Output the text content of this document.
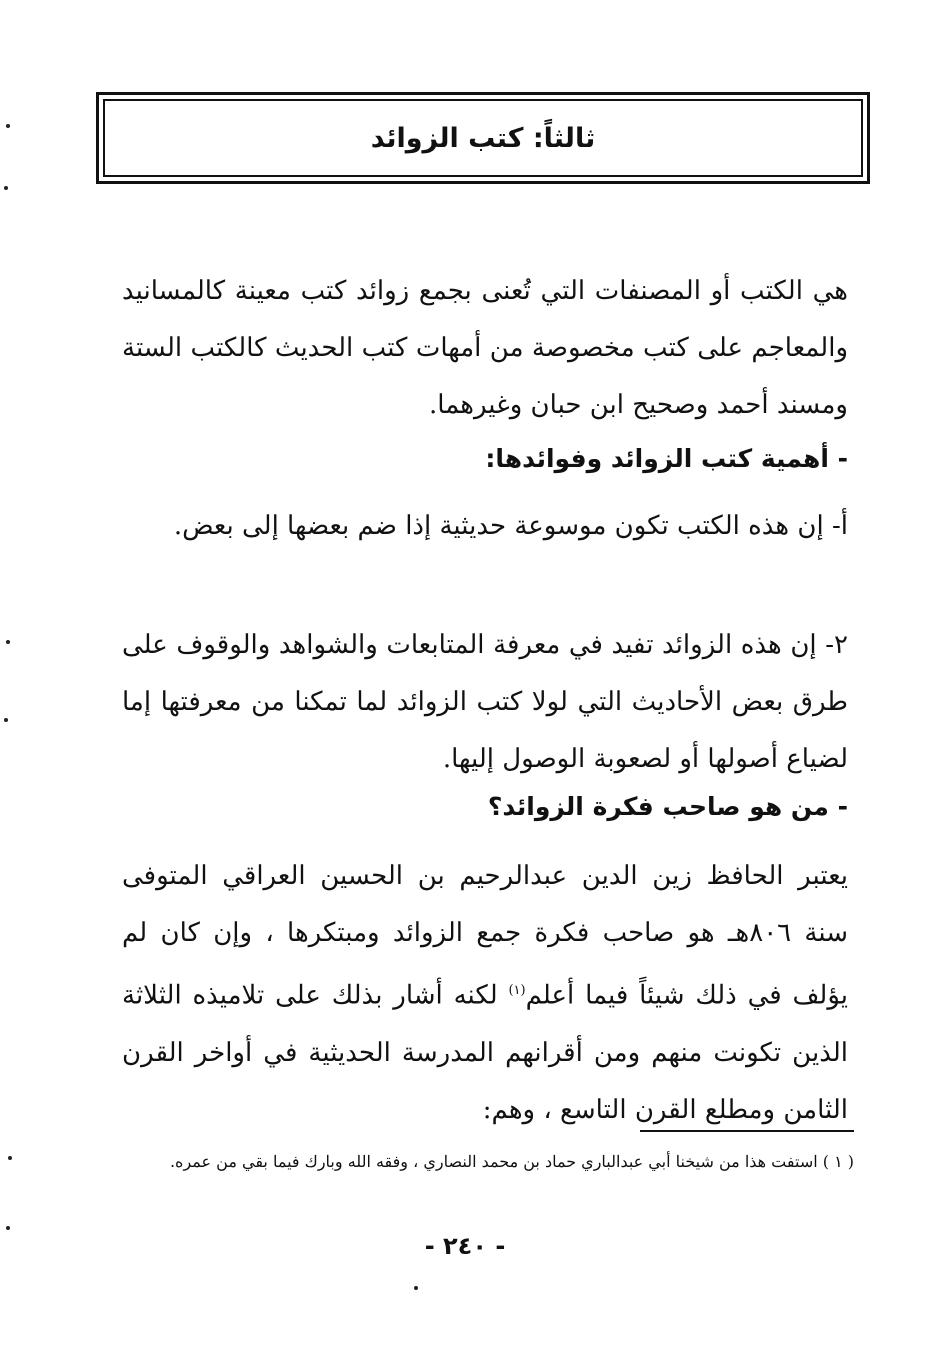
ثالثاً: كتب الزوائد

هي الكتب أو المصنفات التي تُعنى بجمع زوائد كتب معينة كالمسانيد والمعاجم على كتب مخصوصة من أمهات كتب الحديث كالكتب الستة ومسند أحمد وصحيح ابن حبان وغيرهما.

- أهمية كتب الزوائد وفوائدها:

أ- إن هذه الكتب تكون موسوعة حديثية إذا ضم بعضها إلى بعض.

٢- إن هذه الزوائد تفيد في معرفة المتابعات والشواهد والوقوف على طرق بعض الأحاديث التي لولا كتب الزوائد لما تمكنا من معرفتها إما لضياع أصولها أو لصعوبة الوصول إليها.

- من هو صاحب فكرة الزوائد؟

يعتبر الحافظ زين الدين عبدالرحيم بن الحسين العراقي المتوفى سنة ٨٠٦هـ هو صاحب فكرة جمع الزوائد ومبتكرها ، وإن كان لم يؤلف في ذلك شيئاً فيما أعلم$^{(١)}$ لكنه أشار بذلك على تلاميذه الثلاثة الذين تكونت منهم ومن أقرانهم المدرسة الحديثية في أواخر القرن الثامن ومطلع القرن التاسع ، وهم:

( ١ ) استفت هذا من شيخنا أبي عبدالباري حماد بن محمد النصاري ، وفقه الله وبارك فيما بقي من عمره.
- ٢٤٠ -
